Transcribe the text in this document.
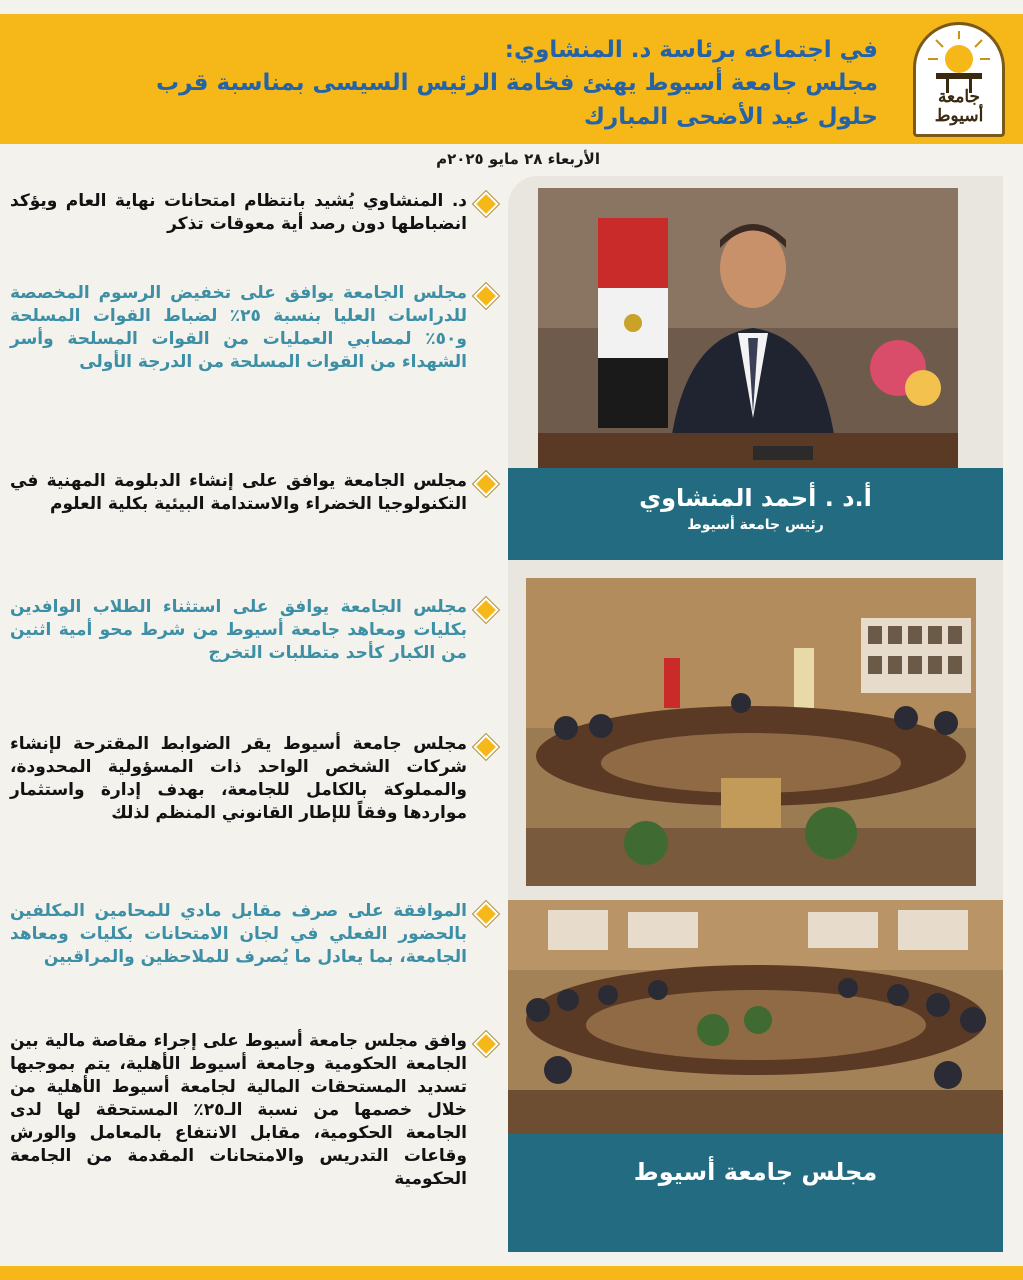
جامعة أسيوط
في اجتماعه برئاسة د. المنشاوي:
مجلس جامعة أسيوط يهنئ فخامة الرئيس السيسى بمناسبة قرب حلول عيد الأضحى المبارك
الأربعاء ٢٨ مايو ٢٠٢٥م
أ.د . أحمد المنشاوي
رئيس جامعة أسيوط
مجلس جامعة أسيوط
د. المنشاوي يُشيد بانتظام امتحانات نهاية العام ويؤكد انضباطها دون رصد أية معوقات تذكر
مجلس الجامعة يوافق على تخفيض الرسوم المخصصة للدراسات العليا بنسبة ٢٥٪ لضباط القوات المسلحة و٥٠٪ لمصابي العمليات من القوات المسلحة وأسر الشهداء من القوات المسلحة من الدرجة الأولى
مجلس الجامعة يوافق على إنشاء الدبلومة المهنية في التكنولوجيا الخضراء والاستدامة البيئية بكلية العلوم
مجلس الجامعة يوافق على استثناء الطلاب الوافدين بكليات ومعاهد جامعة أسيوط من شرط محو أمية اثنين من الكبار كأحد متطلبات التخرج
مجلس جامعة أسيوط يقر الضوابط المقترحة لإنشاء شركات الشخص الواحد ذات المسؤولية المحدودة، والمملوكة بالكامل للجامعة، بهدف إدارة واستثمار مواردها وفقاً للإطار القانوني المنظم لذلك
الموافقة على صرف مقابل مادي للمحامين المكلفين بالحضور الفعلي في لجان الامتحانات بكليات ومعاهد الجامعة، بما يعادل ما يُصرف للملاحظين والمراقبين
وافق مجلس جامعة أسيوط على إجراء مقاصة مالية بين الجامعة الحكومية وجامعة أسيوط الأهلية، يتم بموجبها تسديد المستحقات المالية لجامعة أسيوط الأهلية من خلال خصمها من نسبة الـ٢٥٪ المستحقة لها لدى الجامعة الحكومية، مقابل الانتفاع بالمعامل والورش وقاعات التدريس والامتحانات المقدمة من الجامعة الحكومية
